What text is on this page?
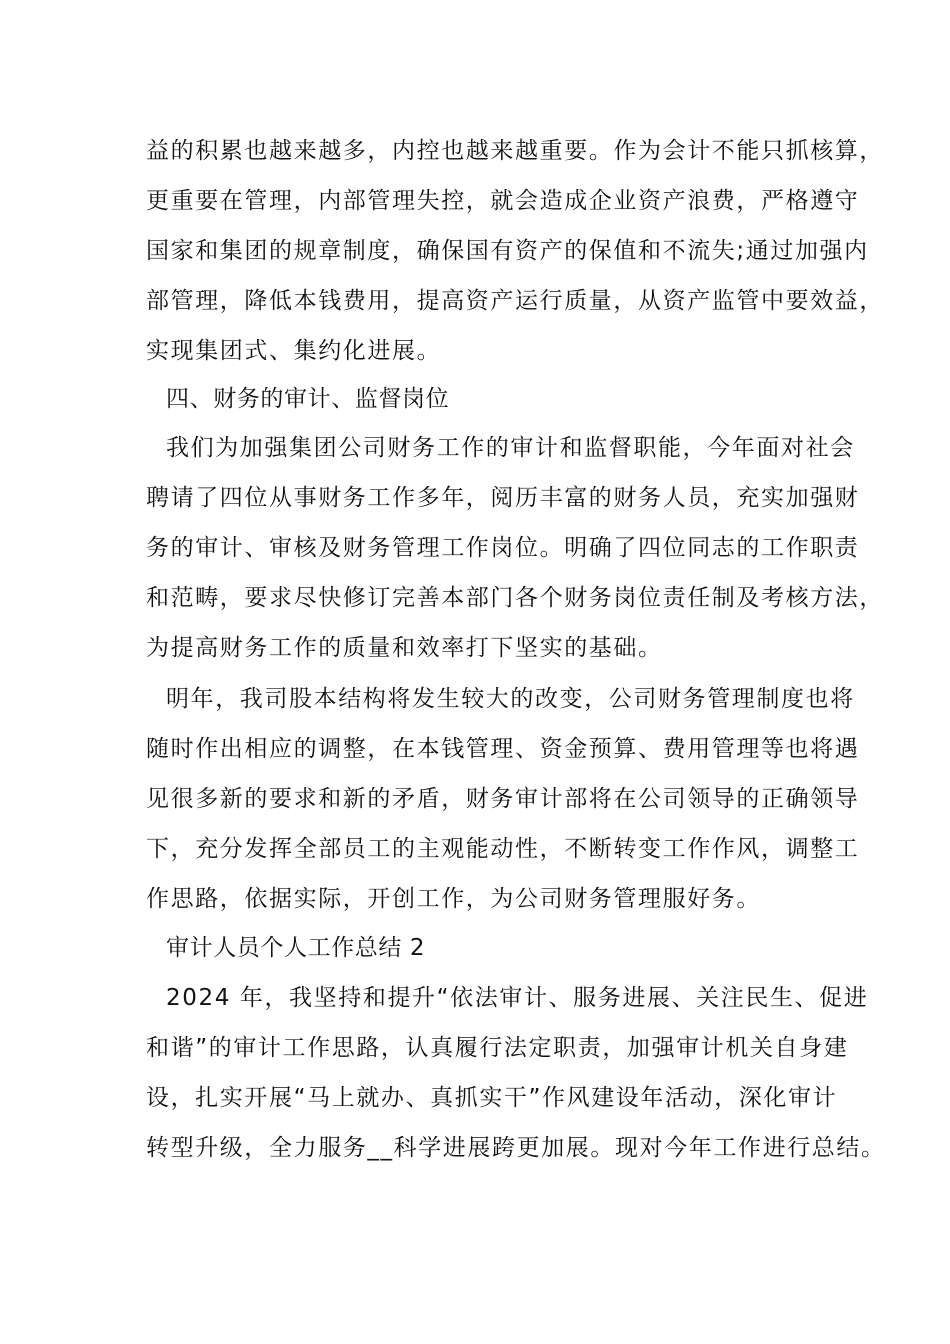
益的积累也越来越多，内控也越来越重要。作为会计不能只抓核算，
更重要在管理，内部管理失控，就会造成企业资产浪费，严格遵守
国家和集团的规章制度，确保国有资产的保值和不流失;通过加强内
部管理，降低本钱费用，提高资产运行质量，从资产监管中要效益，
实现集团式、集约化进展。
四、财务的审计、监督岗位
我们为加强集团公司财务工作的审计和监督职能，今年面对社会
聘请了四位从事财务工作多年，阅历丰富的财务人员，充实加强财
务的审计、审核及财务管理工作岗位。明确了四位同志的工作职责
和范畴，要求尽快修订完善本部门各个财务岗位责任制及考核方法，
为提高财务工作的质量和效率打下坚实的基础。
明年，我司股本结构将发生较大的改变，公司财务管理制度也将
随时作出相应的调整，在本钱管理、资金预算、费用管理等也将遇
见很多新的要求和新的矛盾，财务审计部将在公司领导的正确领导
下，充分发挥全部员工的主观能动性，不断转变工作作风，调整工
作思路，依据实际，开创工作，为公司财务管理服好务。
审计人员个人工作总结 2
2024 年，我坚持和提升“依法审计、服务进展、关注民生、促进
和谐”的审计工作思路，认真履行法定职责，加强审计机关自身建
设，扎实开展“马上就办、真抓实干”作风建设年活动，深化审计
转型升级，全力服务__科学进展跨更加展。现对今年工作进行总结。
